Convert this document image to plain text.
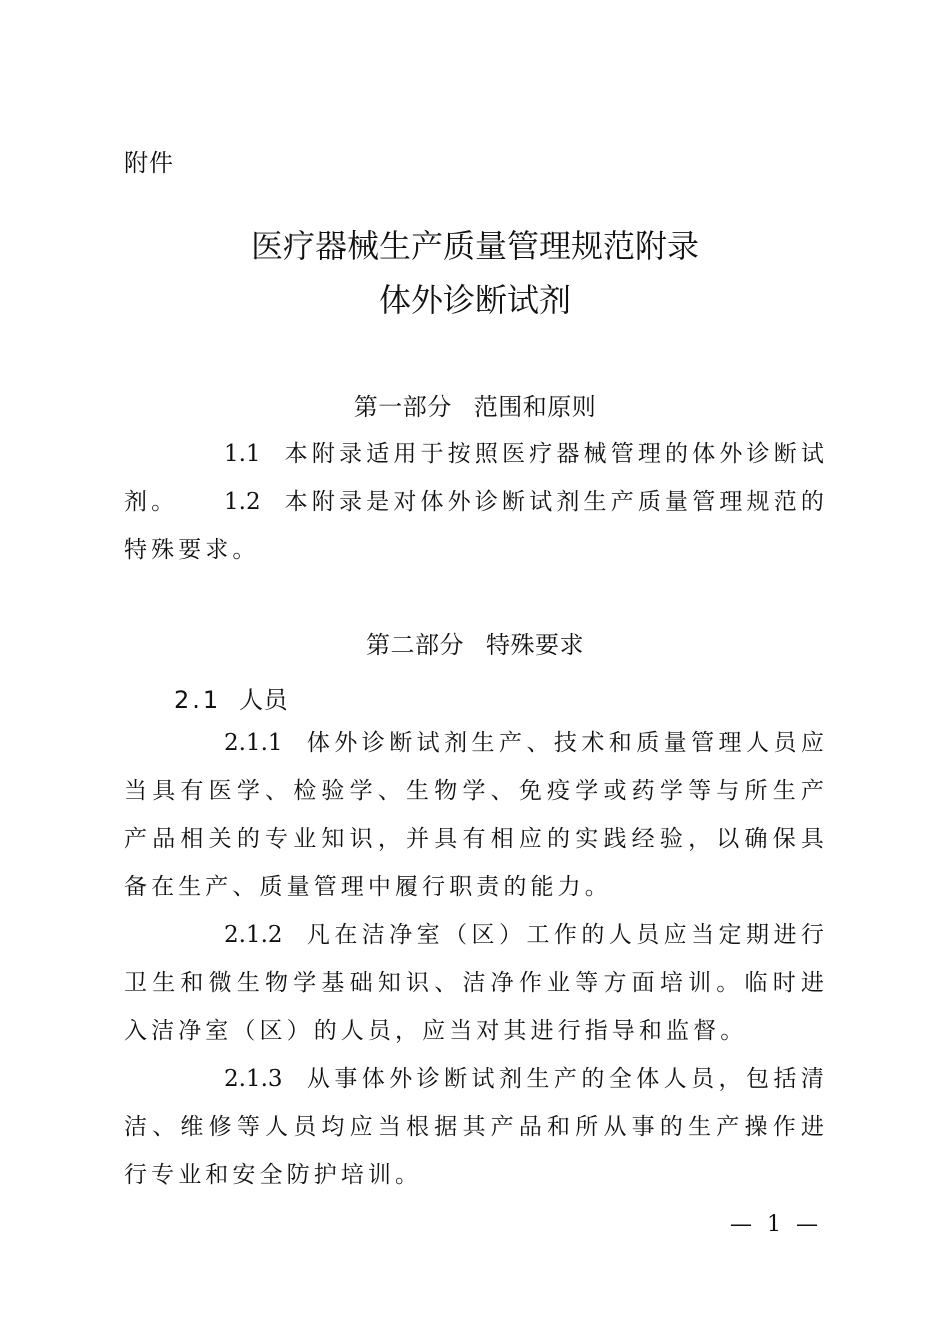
附件
医疗器械生产质量管理规范附录
体外诊断试剂
第一部分 范围和原则

1.1 本附录适用于按照医疗器械管理的体外诊断试剂。	1.2 本附录是对体外诊断试剂生产质量管理规范的特殊要求。

第二部分 特殊要求
2.1 人员

2.1.1 体外诊断试剂生产、技术和质量管理人员应当具有医学、检验学、生物学、免疫学或药学等与所生产产品相关的专业知识，并具有相应的实践经验，以确保具备在生产、质量管理中履行职责的能力。

2.1.2 凡在洁净室（区）工作的人员应当定期进行卫生和微生物学基础知识、洁净作业等方面培训。临时进入洁净室（区）的人员，应当对其进行指导和监督。

2.1.3 从事体外诊断试剂生产的全体人员，包括清洁、维修等人员均应当根据其产品和所从事的生产操作进行专业和安全防护培训。

— 1 —
